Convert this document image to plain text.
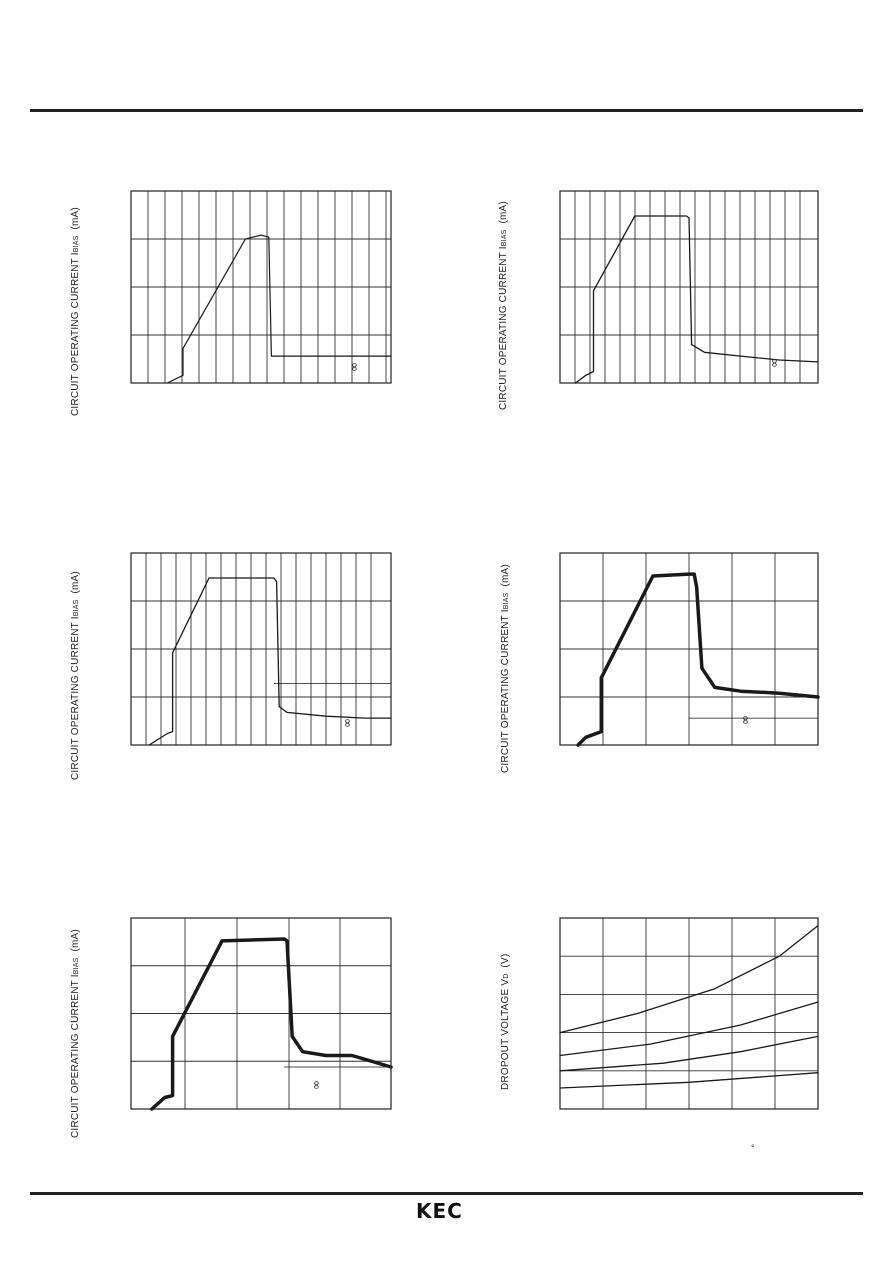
CIRCUIT OPERATING CURRENT IBIAS  (mA)
CIRCUIT OPERATING CURRENT IBIAS  (mA)
CIRCUIT OPERATING CURRENT IBIAS  (mA)
CIRCUIT OPERATING CURRENT IBIAS  (mA)
CIRCUIT OPERATING CURRENT IBIAS  (mA)
DROPOUT VOLTAGE VD  (V)
∞	∞
∞	∞
∞
°
KEC
